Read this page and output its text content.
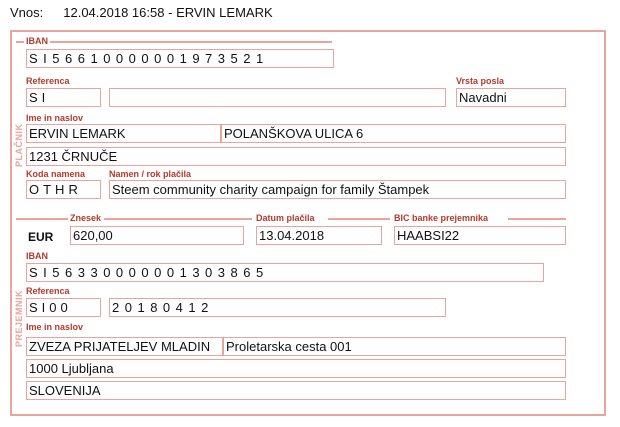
Vnos: 12.04.2018 16:58 - ERVIN LEMARK
PLAČNIK
IBAN
SI56610000001973521
Referenca
SI
Vrsta posla
Navadni
Ime in naslov
ERVIN LEMARK	POLANŠKOVA ULICA 6
1231 ČRNUČE
Koda namena
OTHR
Namen / rok plačila
Steem community charity campaign for family Štampek
Znesek
EUR 620,00
Datum plačila
13.04.2018
BIC banke prejemnika
HAABSI22
PREJEMNIK
IBAN
SI56330000001303865
Referenca
SI00	20180412
Ime in naslov
ZVEZA PRIJATELJEV MLADIN	Proletarska cesta 001
1000 Ljubljana
SLOVENIJA
